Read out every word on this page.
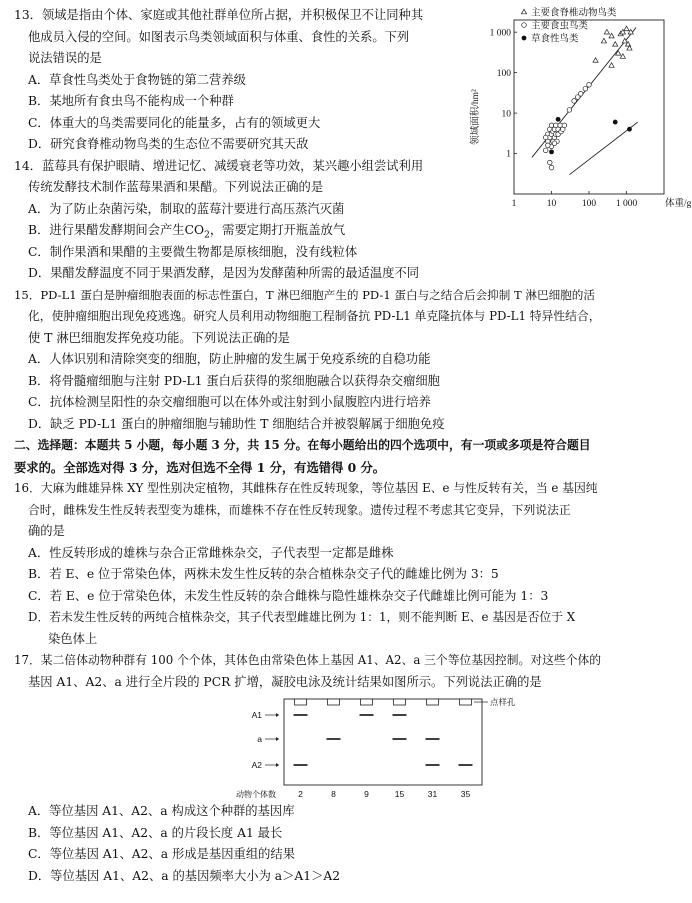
13．领域是指由个体、家庭或其他社群单位所占据，并积极保卫不让同种其

他成员入侵的空间。如图表示鸟类领域面积与体重、食性的关系。下列

说法错误的是

A．草食性鸟类处于食物链的第二营养级

B．某地所有食虫鸟不能构成一个种群

C．体重大的鸟类需要同化的能量多，占有的领域更大

D．研究食脊椎动物鸟类的生态位不需要研究其天敌

14．蓝莓具有保护眼睛、增进记忆、减缓衰老等功效，某兴趣小组尝试利用

传统发酵技术制作蓝莓果酒和果醋。下列说法正确的是

A．为了防止杂菌污染，制取的蓝莓汁要进行高压蒸汽灭菌

B．进行果醋发酵期间会产生$CO_2$，需要定期打开瓶盖放气

C．制作果酒和果醋的主要微生物都是原核细胞，没有线粒体

D．果醋发酵温度不同于果酒发酵，是因为发酵菌种所需的最适温度不同

15．PD-L1 蛋白是肿瘤细胞表面的标志性蛋白，T 淋巴细胞产生的 PD-1 蛋白与之结合后会抑制 T 淋巴细胞的活

化，使肿瘤细胞出现免疫逃逸。研究人员利用动物细胞工程制备抗 PD-L1 单克隆抗体与 PD-L1 特异性结合，

使 T 淋巴细胞发挥免疫功能。下列说法正确的是

A．人体识别和清除突变的细胞，防止肿瘤的发生属于免疫系统的自稳功能

B．将骨髓瘤细胞与注射 PD-L1 蛋白后获得的浆细胞融合以获得杂交瘤细胞

C．抗体检测呈阳性的杂交瘤细胞可以在体外或注射到小鼠腹腔内进行培养

D．缺乏 PD-L1 蛋白的肿瘤细胞与辅助性 T 细胞结合并被裂解属于细胞免疫

二、选择题：本题共 5 小题，每小题 3 分，共 15 分。在每小题给出的四个选项中，有一项或多项是符合题目

要求的。全部选对得 3 分，选对但选不全得 1 分，有选错得 0 分。

16．大麻为雌雄异株 XY 型性别决定植物，其雌株存在性反转现象，等位基因 E、e 与性反转有关，当 e 基因纯

合时，雌株发生性反转表型变为雄株，而雄株不存在性反转现象。遗传过程不考虑其它变异，下列说法正

确的是

A．性反转形成的雄株与杂合正常雌株杂交，子代表型一定都是雌株

B．若 E、e 位于常染色体，两株未发生性反转的杂合植株杂交子代的雌雄比例为 3：5

C．若 E、e 位于常染色体，未发生性反转的杂合雌株与隐性雄株杂交子代雌雄比例可能为 1：3

D．若未发生性反转的两纯合植株杂交，其子代表型雌雄比例为 1：1，则不能判断 E、e 基因是否位于 X

染色体上

17．某二倍体动物种群有 100 个个体，其体色由常染色体上基因 A1、A2、a 三个等位基因控制。对这些个体的

基因 A1、A2、a 进行全片段的 PCR 扩增，凝胶电泳及统计结果如图所示。下列说法正确的是

A1
a
A2
2	8	9	15	31	35
动物个体数
点样孔

A．等位基因 A1、A2、a 构成这个种群的基因库

B．等位基因 A1、A2、a 的片段长度 A1 最长

C．等位基因 A1、A2、a 形成是基因重组的结果

D．等位基因 A1、A2、a 的基因频率大小为 a＞A1＞A2

1	10	100 1 000
1
10
100
1 000
体重/g
领域面积/hm²
主要食脊椎动物鸟类
主要食虫鸟类
草食性鸟类
